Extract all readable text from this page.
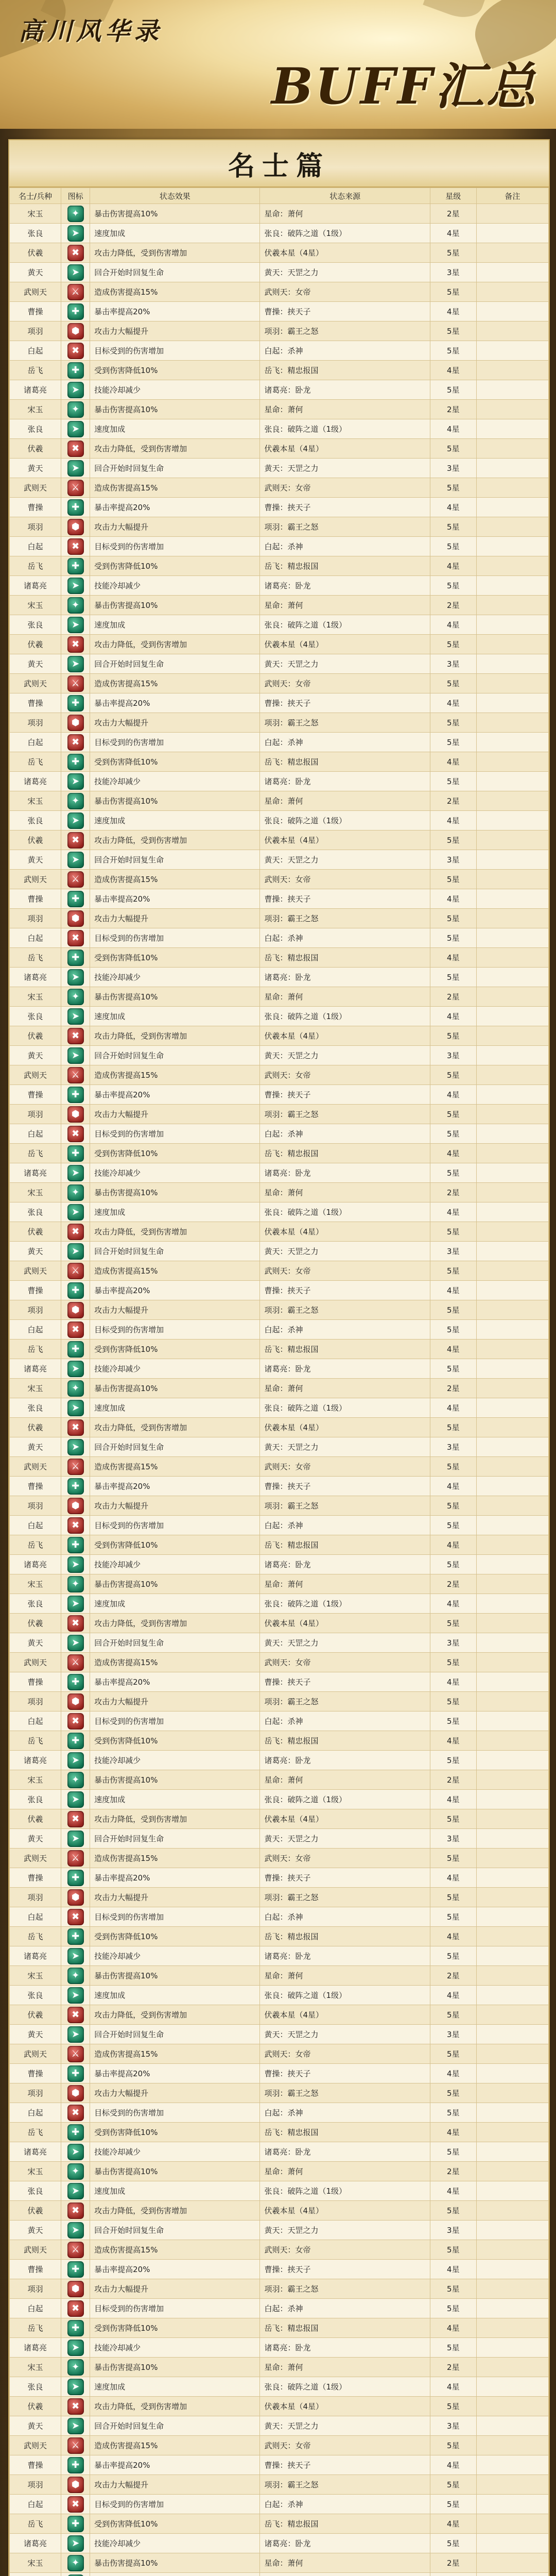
高川风华录
BUFF汇总
名士篇
名士/兵种	图标	状态效果	状态来源	星级	备注
宋玉	✦	暴击伤害提高10%	星命：萧何	2星	
张良	➤	速度加成	张良：破阵之道（1级）	4星	
伏羲	✖	攻击力降低，受到伤害增加	伏羲本星（4星）	5星	
黄天	➤	回合开始时回复生命	黄天：天罡之力	3星	
武则天	⚔	造成伤害提高15%	武则天：女帝	5星	
曹操	✚	暴击率提高20%	曹操：挟天子	4星	
项羽	⬢	攻击力大幅提升	项羽：霸王之怒	5星	
白起	✖	目标受到的伤害增加	白起：杀神	5星	
岳飞	✚	受到伤害降低10%	岳飞：精忠报国	4星	
诸葛亮	➤	技能冷却减少	诸葛亮：卧龙	5星	
宋玉	✦	暴击伤害提高10%	星命：萧何	2星	
张良	➤	速度加成	张良：破阵之道（1级）	4星	
伏羲	✖	攻击力降低，受到伤害增加	伏羲本星（4星）	5星	
黄天	➤	回合开始时回复生命	黄天：天罡之力	3星	
武则天	⚔	造成伤害提高15%	武则天：女帝	5星	
曹操	✚	暴击率提高20%	曹操：挟天子	4星	
项羽	⬢	攻击力大幅提升	项羽：霸王之怒	5星	
白起	✖	目标受到的伤害增加	白起：杀神	5星	
岳飞	✚	受到伤害降低10%	岳飞：精忠报国	4星	
诸葛亮	➤	技能冷却减少	诸葛亮：卧龙	5星	
宋玉	✦	暴击伤害提高10%	星命：萧何	2星	
张良	➤	速度加成	张良：破阵之道（1级）	4星	
伏羲	✖	攻击力降低，受到伤害增加	伏羲本星（4星）	5星	
黄天	➤	回合开始时回复生命	黄天：天罡之力	3星	
武则天	⚔	造成伤害提高15%	武则天：女帝	5星	
曹操	✚	暴击率提高20%	曹操：挟天子	4星	
项羽	⬢	攻击力大幅提升	项羽：霸王之怒	5星	
白起	✖	目标受到的伤害增加	白起：杀神	5星	
岳飞	✚	受到伤害降低10%	岳飞：精忠报国	4星	
诸葛亮	➤	技能冷却减少	诸葛亮：卧龙	5星	
宋玉	✦	暴击伤害提高10%	星命：萧何	2星	
张良	➤	速度加成	张良：破阵之道（1级）	4星	
伏羲	✖	攻击力降低，受到伤害增加	伏羲本星（4星）	5星	
黄天	➤	回合开始时回复生命	黄天：天罡之力	3星	
武则天	⚔	造成伤害提高15%	武则天：女帝	5星	
曹操	✚	暴击率提高20%	曹操：挟天子	4星	
项羽	⬢	攻击力大幅提升	项羽：霸王之怒	5星	
白起	✖	目标受到的伤害增加	白起：杀神	5星	
岳飞	✚	受到伤害降低10%	岳飞：精忠报国	4星	
诸葛亮	➤	技能冷却减少	诸葛亮：卧龙	5星	
宋玉	✦	暴击伤害提高10%	星命：萧何	2星	
张良	➤	速度加成	张良：破阵之道（1级）	4星	
伏羲	✖	攻击力降低，受到伤害增加	伏羲本星（4星）	5星	
黄天	➤	回合开始时回复生命	黄天：天罡之力	3星	
武则天	⚔	造成伤害提高15%	武则天：女帝	5星	
曹操	✚	暴击率提高20%	曹操：挟天子	4星	
项羽	⬢	攻击力大幅提升	项羽：霸王之怒	5星	
白起	✖	目标受到的伤害增加	白起：杀神	5星	
岳飞	✚	受到伤害降低10%	岳飞：精忠报国	4星	
诸葛亮	➤	技能冷却减少	诸葛亮：卧龙	5星	
宋玉	✦	暴击伤害提高10%	星命：萧何	2星	
张良	➤	速度加成	张良：破阵之道（1级）	4星	
伏羲	✖	攻击力降低，受到伤害增加	伏羲本星（4星）	5星	
黄天	➤	回合开始时回复生命	黄天：天罡之力	3星	
武则天	⚔	造成伤害提高15%	武则天：女帝	5星	
曹操	✚	暴击率提高20%	曹操：挟天子	4星	
项羽	⬢	攻击力大幅提升	项羽：霸王之怒	5星	
白起	✖	目标受到的伤害增加	白起：杀神	5星	
岳飞	✚	受到伤害降低10%	岳飞：精忠报国	4星	
诸葛亮	➤	技能冷却减少	诸葛亮：卧龙	5星	
宋玉	✦	暴击伤害提高10%	星命：萧何	2星	
张良	➤	速度加成	张良：破阵之道（1级）	4星	
伏羲	✖	攻击力降低，受到伤害增加	伏羲本星（4星）	5星	
黄天	➤	回合开始时回复生命	黄天：天罡之力	3星	
武则天	⚔	造成伤害提高15%	武则天：女帝	5星	
曹操	✚	暴击率提高20%	曹操：挟天子	4星	
项羽	⬢	攻击力大幅提升	项羽：霸王之怒	5星	
白起	✖	目标受到的伤害增加	白起：杀神	5星	
岳飞	✚	受到伤害降低10%	岳飞：精忠报国	4星	
诸葛亮	➤	技能冷却减少	诸葛亮：卧龙	5星	
宋玉	✦	暴击伤害提高10%	星命：萧何	2星	
张良	➤	速度加成	张良：破阵之道（1级）	4星	
伏羲	✖	攻击力降低，受到伤害增加	伏羲本星（4星）	5星	
黄天	➤	回合开始时回复生命	黄天：天罡之力	3星	
武则天	⚔	造成伤害提高15%	武则天：女帝	5星	
曹操	✚	暴击率提高20%	曹操：挟天子	4星	
项羽	⬢	攻击力大幅提升	项羽：霸王之怒	5星	
白起	✖	目标受到的伤害增加	白起：杀神	5星	
岳飞	✚	受到伤害降低10%	岳飞：精忠报国	4星	
诸葛亮	➤	技能冷却减少	诸葛亮：卧龙	5星	
宋玉	✦	暴击伤害提高10%	星命：萧何	2星	
张良	➤	速度加成	张良：破阵之道（1级）	4星	
伏羲	✖	攻击力降低，受到伤害增加	伏羲本星（4星）	5星	
黄天	➤	回合开始时回复生命	黄天：天罡之力	3星	
武则天	⚔	造成伤害提高15%	武则天：女帝	5星	
曹操	✚	暴击率提高20%	曹操：挟天子	4星	
项羽	⬢	攻击力大幅提升	项羽：霸王之怒	5星	
白起	✖	目标受到的伤害增加	白起：杀神	5星	
岳飞	✚	受到伤害降低10%	岳飞：精忠报国	4星	
诸葛亮	➤	技能冷却减少	诸葛亮：卧龙	5星	
宋玉	✦	暴击伤害提高10%	星命：萧何	2星	
张良	➤	速度加成	张良：破阵之道（1级）	4星	
伏羲	✖	攻击力降低，受到伤害增加	伏羲本星（4星）	5星	
黄天	➤	回合开始时回复生命	黄天：天罡之力	3星	
武则天	⚔	造成伤害提高15%	武则天：女帝	5星	
曹操	✚	暴击率提高20%	曹操：挟天子	4星	
项羽	⬢	攻击力大幅提升	项羽：霸王之怒	5星	
白起	✖	目标受到的伤害增加	白起：杀神	5星	
岳飞	✚	受到伤害降低10%	岳飞：精忠报国	4星	
诸葛亮	➤	技能冷却减少	诸葛亮：卧龙	5星	
宋玉	✦	暴击伤害提高10%	星命：萧何	2星	
张良	➤	速度加成	张良：破阵之道（1级）	4星	
伏羲	✖	攻击力降低，受到伤害增加	伏羲本星（4星）	5星	
黄天	➤	回合开始时回复生命	黄天：天罡之力	3星	
武则天	⚔	造成伤害提高15%	武则天：女帝	5星	
曹操	✚	暴击率提高20%	曹操：挟天子	4星	
项羽	⬢	攻击力大幅提升	项羽：霸王之怒	5星	
白起	✖	目标受到的伤害增加	白起：杀神	5星	
岳飞	✚	受到伤害降低10%	岳飞：精忠报国	4星	
诸葛亮	➤	技能冷却减少	诸葛亮：卧龙	5星	
宋玉	✦	暴击伤害提高10%	星命：萧何	2星	
张良	➤	速度加成	张良：破阵之道（1级）	4星	
伏羲	✖	攻击力降低，受到伤害增加	伏羲本星（4星）	5星	
黄天	➤	回合开始时回复生命	黄天：天罡之力	3星	
武则天	⚔	造成伤害提高15%	武则天：女帝	5星	
曹操	✚	暴击率提高20%	曹操：挟天子	4星	
项羽	⬢	攻击力大幅提升	项羽：霸王之怒	5星	
白起	✖	目标受到的伤害增加	白起：杀神	5星	
岳飞	✚	受到伤害降低10%	岳飞：精忠报国	4星	
诸葛亮	➤	技能冷却减少	诸葛亮：卧龙	5星	
宋玉	✦	暴击伤害提高10%	星命：萧何	2星	
